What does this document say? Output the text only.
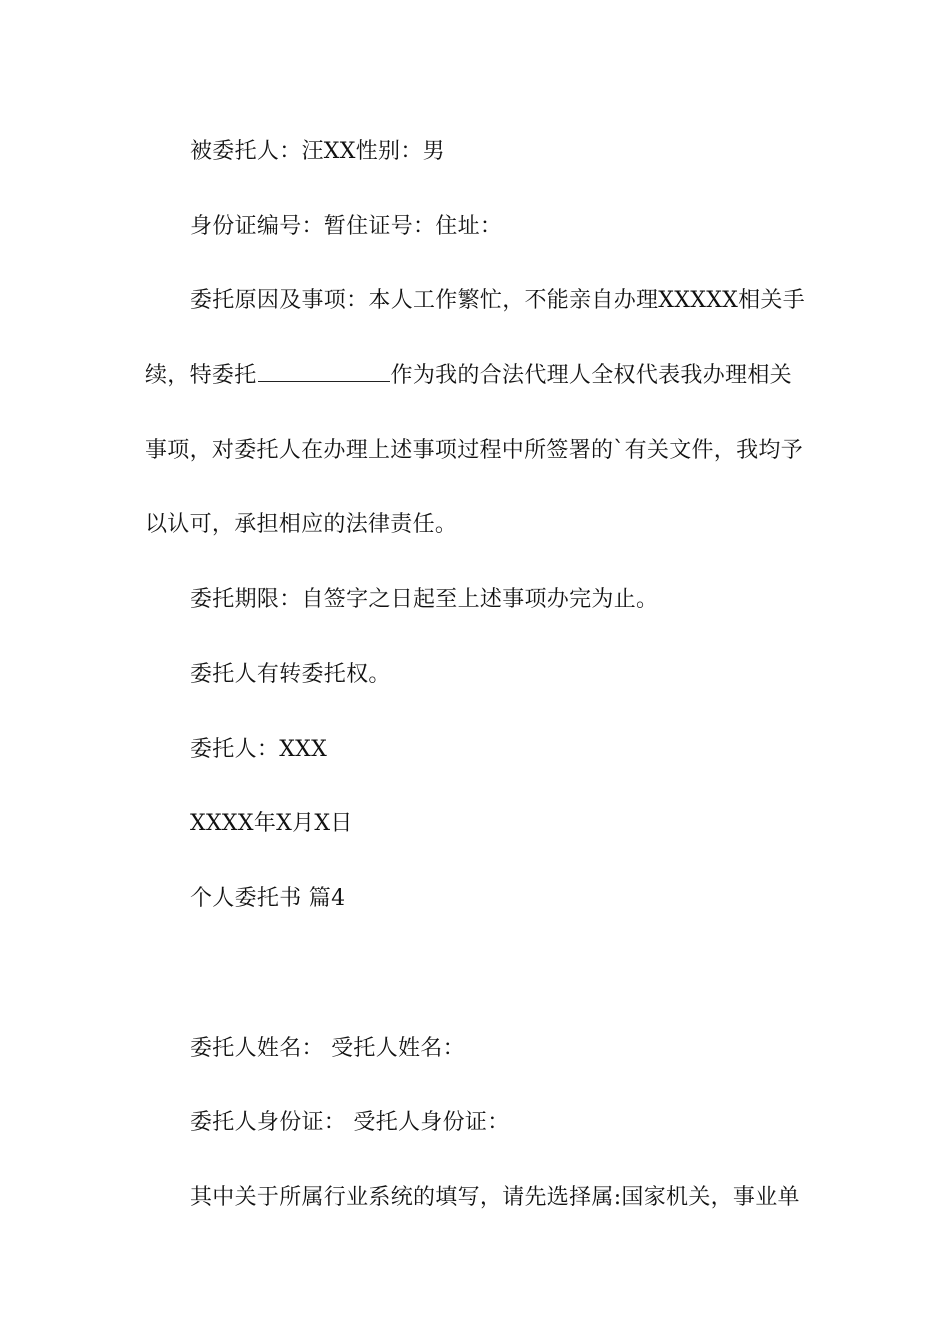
被委托人：汪XX性别：男
身份证编号：暂住证号：住址：
委托原因及事项：本人工作繁忙，不能亲自办理XXXXX相关手
续，特委托	作为我的合法代理人全权代表我办理相关
事项，对委托人在办理上述事项过程中所签署的`有关文件，我均予
以认可，承担相应的法律责任。
委托期限：自签字之日起至上述事项办完为止。
委托人有转委托权。
委托人：XXX
XXXX年X月X日
个人委托书 篇4
委托人姓名： 受托人姓名：
委托人身份证： 受托人身份证：
其中关于所属行业系统的填写，请先选择属:国家机关，事业单
